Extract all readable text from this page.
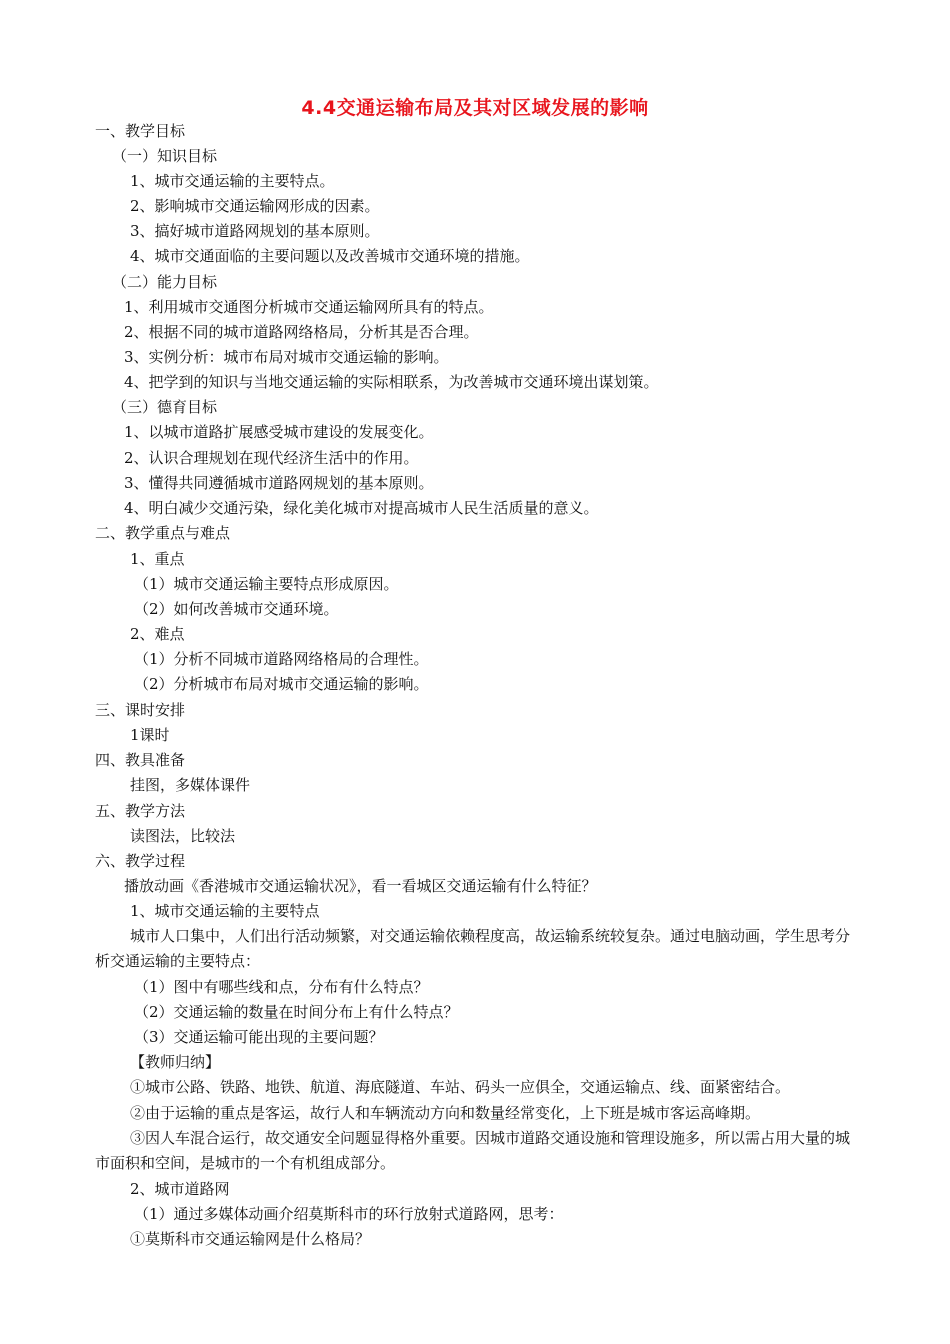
4.4交通运输布局及其对区域发展的影响
一、教学目标
（一）知识目标
1、城市交通运输的主要特点。
2、影响城市交通运输网形成的因素。
3、搞好城市道路网规划的基本原则。
4、城市交通面临的主要问题以及改善城市交通环境的措施。
（二）能力目标
1、利用城市交通图分析城市交通运输网所具有的特点。
2、根据不同的城市道路网络格局，分析其是否合理。
3、实例分析：城市布局对城市交通运输的影响。
4、把学到的知识与当地交通运输的实际相联系，为改善城市交通环境出谋划策。
（三）德育目标
1、以城市道路扩展感受城市建设的发展变化。
2、认识合理规划在现代经济生活中的作用。
3、懂得共同遵循城市道路网规划的基本原则。
4、明白减少交通污染，绿化美化城市对提高城市人民生活质量的意义。
二、教学重点与难点
1、重点
（1）城市交通运输主要特点形成原因。
（2）如何改善城市交通环境。
2、难点
（1）分析不同城市道路网络格局的合理性。
（2）分析城市布局对城市交通运输的影响。
三、课时安排
1课时
四、教具准备
挂图，多媒体课件
五、教学方法
读图法，比较法
六、教学过程
播放动画《香港城市交通运输状况》，看一看城区交通运输有什么特征？
1、城市交通运输的主要特点
城市人口集中，人们出行活动频繁，对交通运输依赖程度高，故运输系统较复杂。通过电脑动画，学生思考分析交通运输的主要特点：
（1）图中有哪些线和点，分布有什么特点？
（2）交通运输的数量在时间分布上有什么特点？
（3）交通运输可能出现的主要问题？
【教师归纳】
①城市公路、铁路、地铁、航道、海底隧道、车站、码头一应俱全，交通运输点、线、面紧密结合。
②由于运输的重点是客运，故行人和车辆流动方向和数量经常变化，上下班是城市客运高峰期。
③因人车混合运行，故交通安全问题显得格外重要。因城市道路交通设施和管理设施多，所以需占用大量的城市面积和空间，是城市的一个有机组成部分。
2、城市道路网
（1）通过多媒体动画介绍莫斯科市的环行放射式道路网，思考：
①莫斯科市交通运输网是什么格局？
